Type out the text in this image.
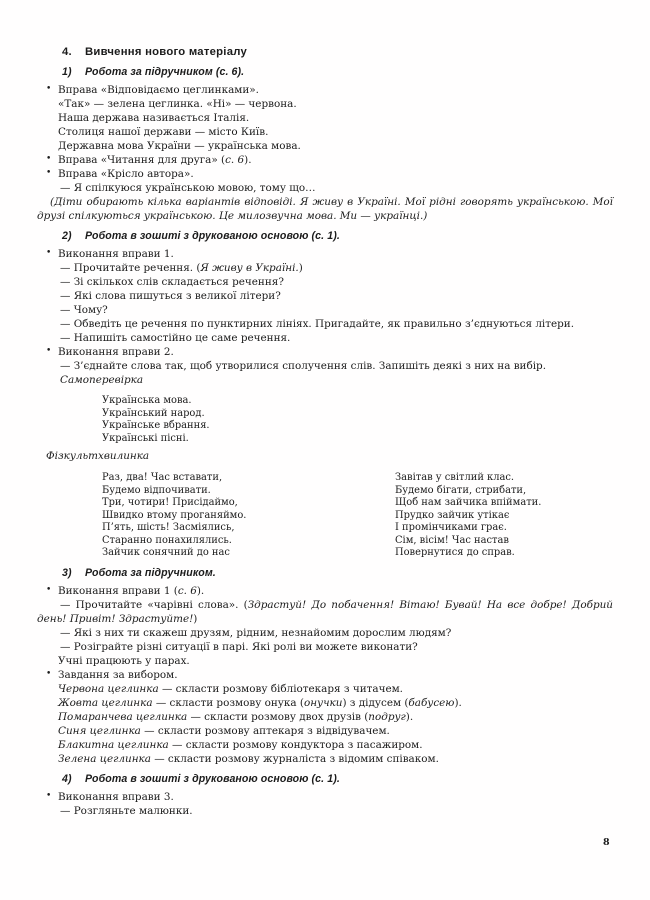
4. Вивчення нового матеріалу
1) Робота за підручником (с. 6).
• Вправа «Відповідаємо цеглинками».
«Так» — зелена цеглинка. «Ні» — червона.
Наша держава називається Італія.
Столиця нашої держави — місто Київ.
Державна мова України — українська мова.
• Вправа «Читання для друга» (с. 6).
• Вправа «Крісло автора».
— Я спілкуюся українською мовою, тому що…
(Діти обирають кілька варіантів відповіді. Я живу в Україні. Мої рідні говорять українською. Мої друзі спілкуються українською. Це милозвучна мова. Ми — українці.)
2) Робота в зошиті з друкованою основою (с. 1).
• Виконання вправи 1.
— Прочитайте речення. (Я живу в Україні.)
— Зі скількох слів складається речення?
— Які слова пишуться з великої літери?
— Чому?
— Обведіть це речення по пунктирних лініях. Пригадайте, як правильно з’єднуються літери.
— Напишіть самостійно це саме речення.
• Виконання вправи 2.
— З’єднайте слова так, щоб утворилися сполучення слів. Запишіть деякі з них на вибір.
Самоперевірка
Українська мова.
Український народ.
Українське вбрання.
Українські пісні.
Фізкультхвилинка
Раз, два! Час вставати,
Будемо відпочивати.
Три, чотири! Присідаймо,
Швидко втому проганяймо.
П’ять, шість! Засміялись,
Старанно понахилялись.
Зайчик сонячний до нас
Завітав у світлий клас.
Будемо бігати, стрибати,
Щоб нам зайчика впіймати.
Прудко зайчик утікає
І промінчиками грає.
Сім, вісім! Час настав
Повернутися до справ.
3) Робота за підручником.
• Виконання вправи 1 (с. 6).
— Прочитайте «чарівні слова». (Здрастуй! До побачення! Вітаю! Бувай! На все добре! Добрий день! Привіт! Здрастуйте!)
— Які з них ти скажеш друзям, рідним, незнайомим дорослим людям?
— Розіграйте різні ситуації в парі. Які ролі ви можете виконати?
Учні працюють у парах.
• Завдання за вибором.
Червона цеглинка — скласти розмову бібліотекаря з читачем.
Жовта цеглинка — скласти розмову онука (онучки) з дідусем (бабусею).
Помаранчева цеглинка — скласти розмову двох друзів (подруг).
Синя цеглинка — скласти розмову аптекаря з відвідувачем.
Блакитна цеглинка — скласти розмову кондуктора з пасажиром.
Зелена цеглинка — скласти розмову журналіста з відомим співаком.
4) Робота в зошиті з друкованою основою (с. 1).
• Виконання вправи 3.
— Розгляньте малюнки.
8
